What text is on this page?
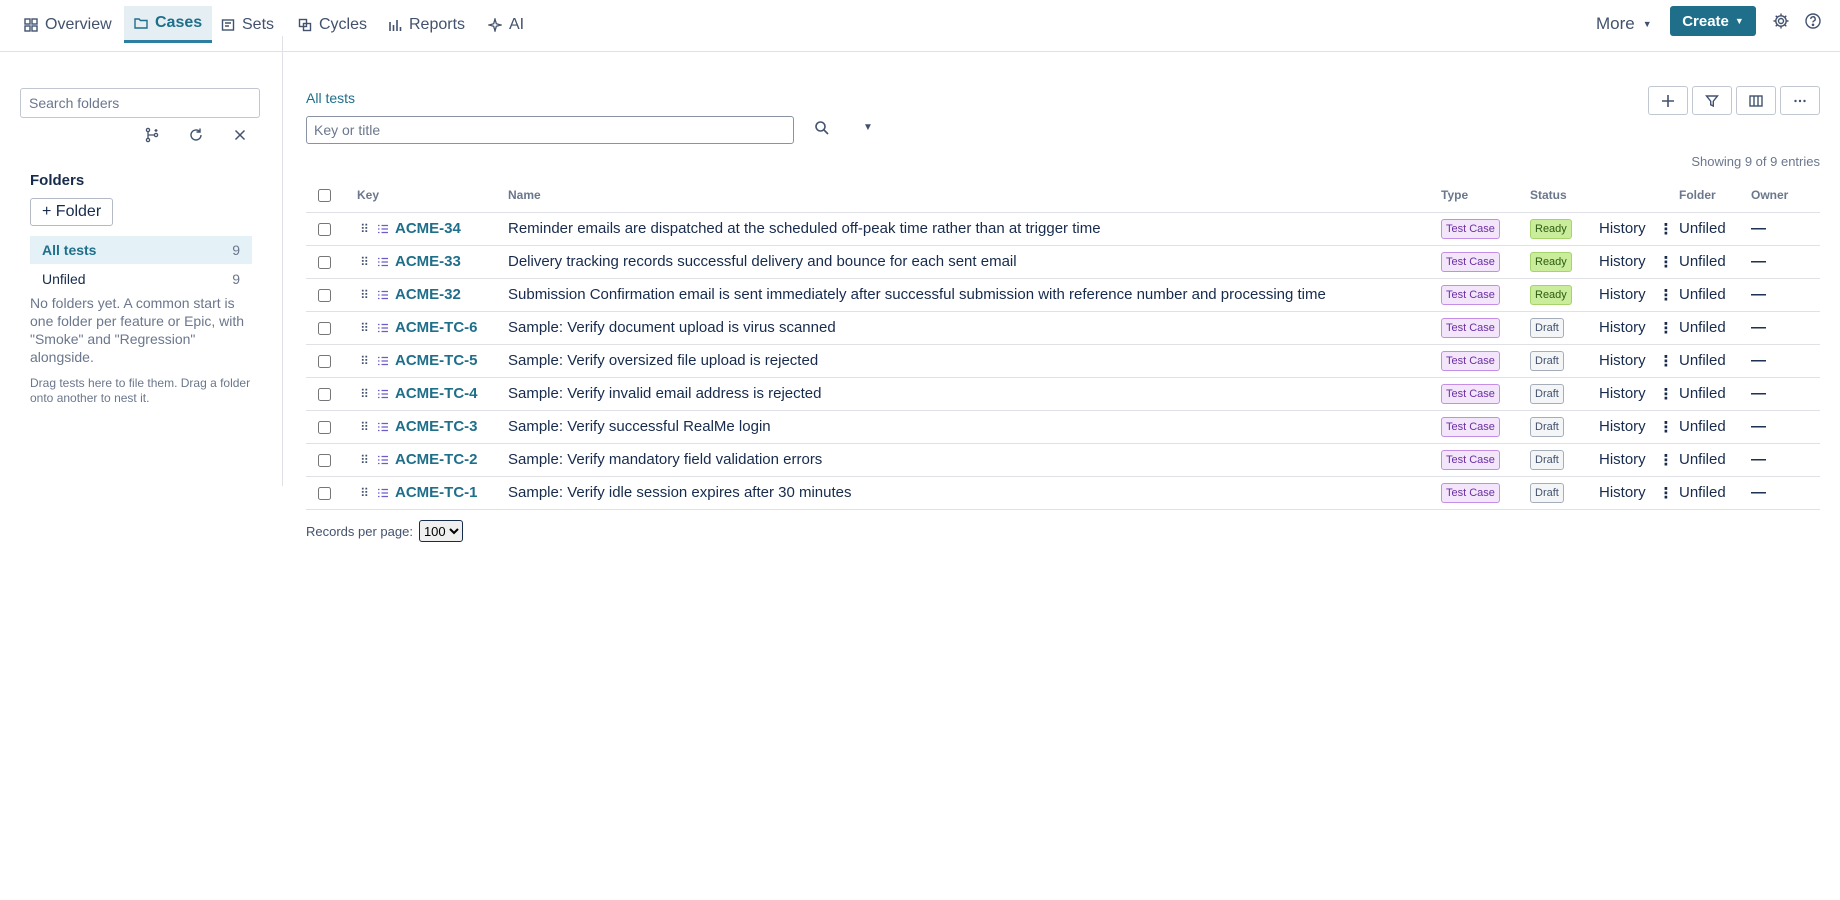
Overview	Cases Sets	Cycles	Reports	AI	More ▼ Create ▼
Search folders
Folders
+ Folder
All tests	9
Unfiled	9
No folders yet. A common start is one folder per feature or Epic, with "Smoke" and "Regression" alongside.
Drag tests here to file them. Drag a folder onto another to nest it.
All tests
Key or title
▼
Showing 9 of 9 entries
	Key	Name	Type	Status			Folder	Owner

⠿ ACME-34	Reminder emails are dispatched at the scheduled off-peak time rather than at trigger time	Test Case	Ready	History	⋮	Unfiled	—

⠿ ACME-33	Delivery tracking records successful delivery and bounce for each sent email	Test Case	Ready	History	⋮	Unfiled	—

⠿ ACME-32	Submission Confirmation email is sent immediately after successful submission with reference number and processing time	Test Case	Ready	History	⋮	Unfiled	—

⠿ ACME-TC-6	Sample: Verify document upload is virus scanned	Test Case	Draft	History	⋮	Unfiled	—

⠿ ACME-TC-5	Sample: Verify oversized file upload is rejected	Test Case	Draft	History	⋮	Unfiled	—

⠿ ACME-TC-4	Sample: Verify invalid email address is rejected	Test Case	Draft	History	⋮	Unfiled	—

⠿ ACME-TC-3	Sample: Verify successful RealMe login	Test Case	Draft	History	⋮	Unfiled	—

⠿ ACME-TC-2	Sample: Verify mandatory field validation errors	Test Case	Draft	History	⋮	Unfiled	—

⠿ ACME-TC-1	Sample: Verify idle session expires after 30 minutes	Test Case	Draft	History	⋮	Unfiled	—
Records per page:
100
